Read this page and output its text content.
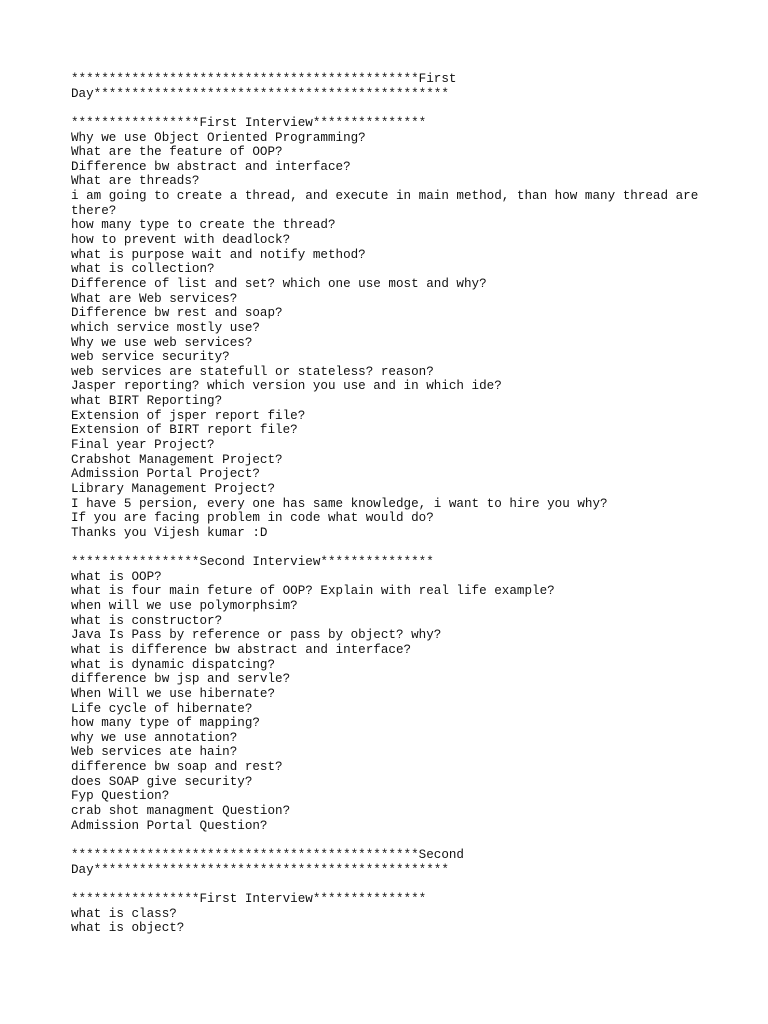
**********************************************First
Day***********************************************
*****************First Interview***************
Why we use Object Oriented Programming?
What are the feature of OOP?
Difference bw abstract and interface?
What are threads?
i am going to create a thread, and execute in main method, than how many thread are
there?
how many type to create the thread?
how to prevent with deadlock?
what is purpose wait and notify method?
what is collection?
Difference of list and set? which one use most and why?
What are Web services?
Difference bw rest and soap?
which service mostly use?
Why we use web services?
web service security?
web services are statefull or stateless? reason?
Jasper reporting? which version you use and in which ide?
what BIRT Reporting?
Extension of jsper report file?
Extension of BIRT report file?
Final year Project?
Crabshot Management Project?
Admission Portal Project?
Library Management Project?
I have 5 persion, every one has same knowledge, i want to hire you why?
If you are facing problem in code what would do?
Thanks you Vijesh kumar :D
*****************Second Interview***************
what is OOP?
what is four main feture of OOP? Explain with real life example?
when will we use polymorphsim?
what is constructor?
Java Is Pass by reference or pass by object? why?
what is difference bw abstract and interface?
what is dynamic dispatcing?
difference bw jsp and servle?
When Will we use hibernate?
Life cycle of hibernate?
how many type of mapping?
why we use annotation?
Web services ate hain?
difference bw soap and rest?
does SOAP give security?
Fyp Question?
crab shot managment Question?
Admission Portal Question?
**********************************************Second
Day***********************************************
*****************First Interview***************
what is class?
what is object?
